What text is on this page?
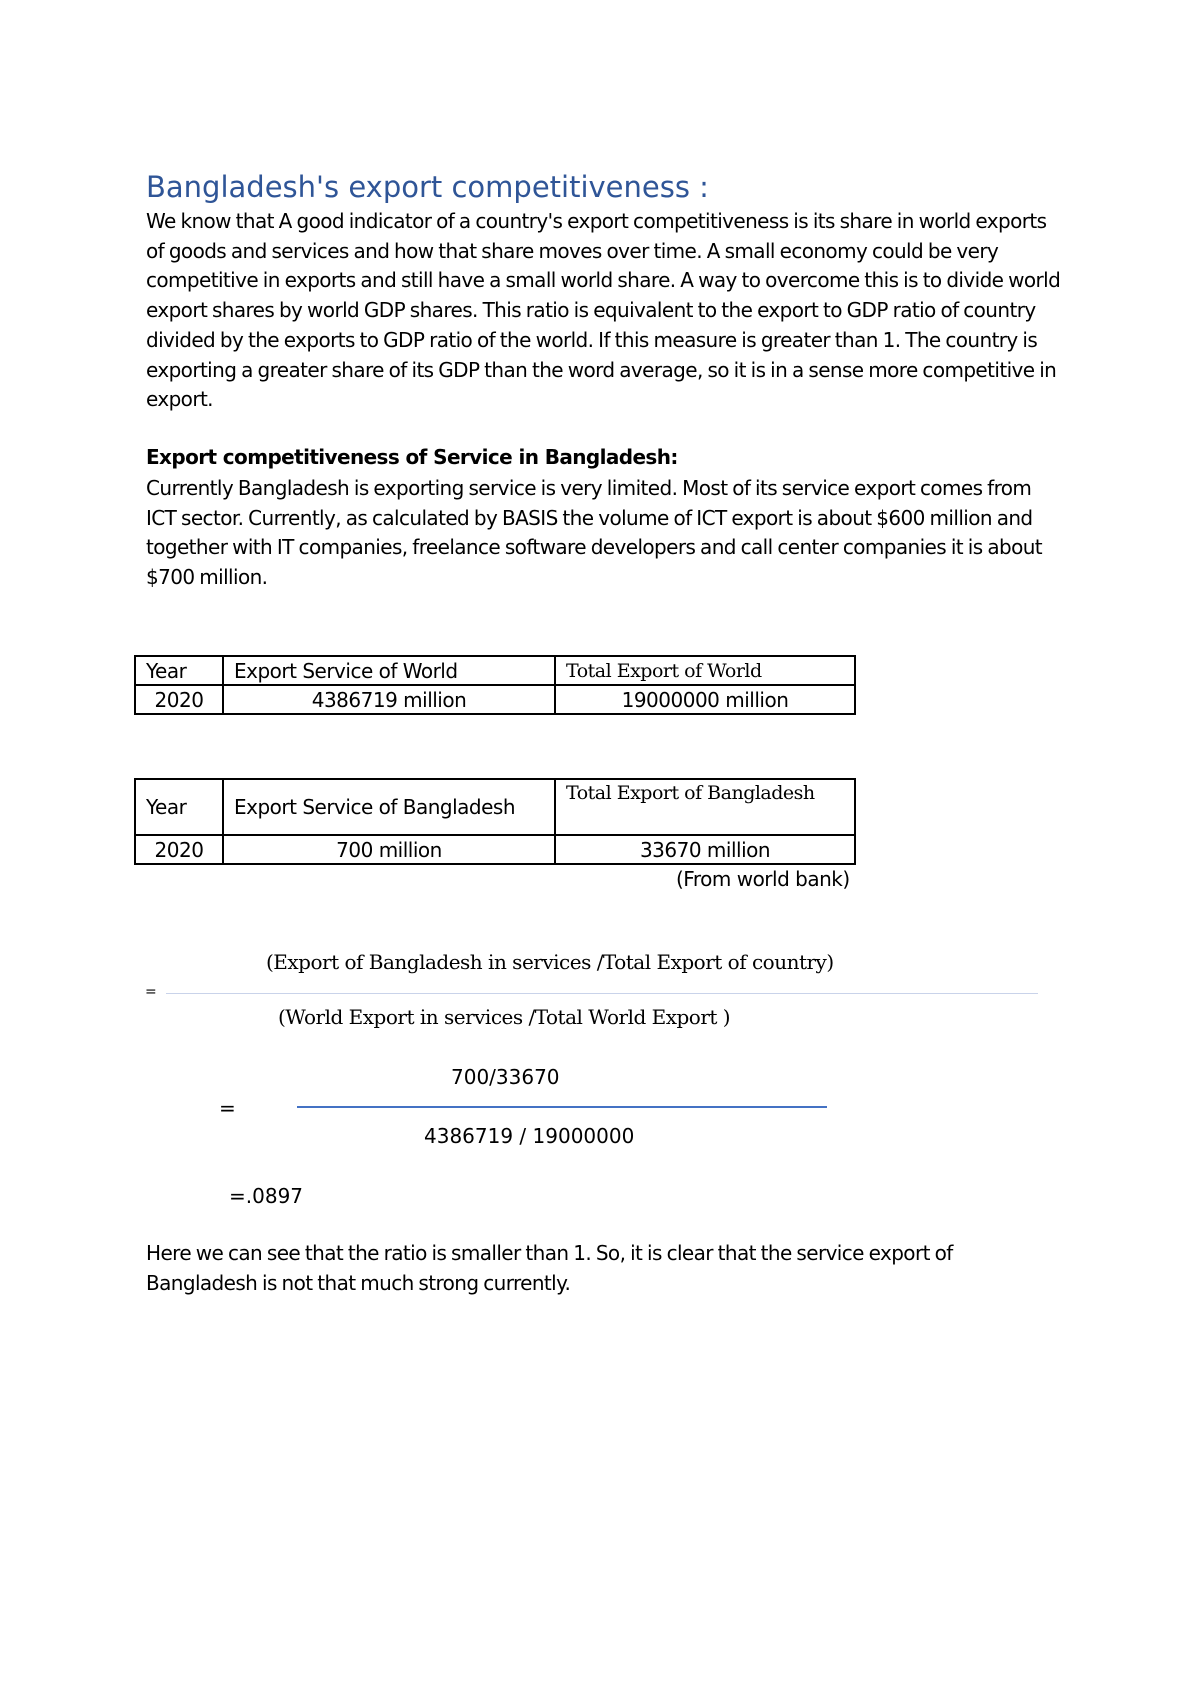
Bangladesh's export competitiveness :
We know that A good indicator of a country's export competitiveness is its share in world exports of goods and services and how that share moves over time. A small economy could be very competitive in exports and still have a small world share. A way to overcome this is to divide world export shares by world GDP shares. This ratio is equivalent to the export to GDP ratio of country divided by the exports to GDP ratio of the world. If this measure is greater than 1. The country is exporting a greater share of its GDP than the word average, so it is in a sense more competitive in export.
Export competitiveness of Service in Bangladesh:
Currently Bangladesh is exporting service is very limited. Most of its service export comes from ICT sector. Currently, as calculated by BASIS the volume of ICT export is about $600 million and together with IT companies, freelance software developers and call center companies it is about $700 million.
Year	Export Service of World	Total Export of World
2020	4386719 million	19000000 million
Year	Export Service of Bangladesh	Total Export of Bangladesh
2020	700 million	33670 million
(From world bank)
(Export of Bangladesh in services /Total Export of country)
=
(World Export in services /Total World Export )
700/33670
=
4386719 / 19000000
=.0897
Here we can see that the ratio is smaller than 1. So, it is clear that the service export of Bangladesh is not that much strong currently.
